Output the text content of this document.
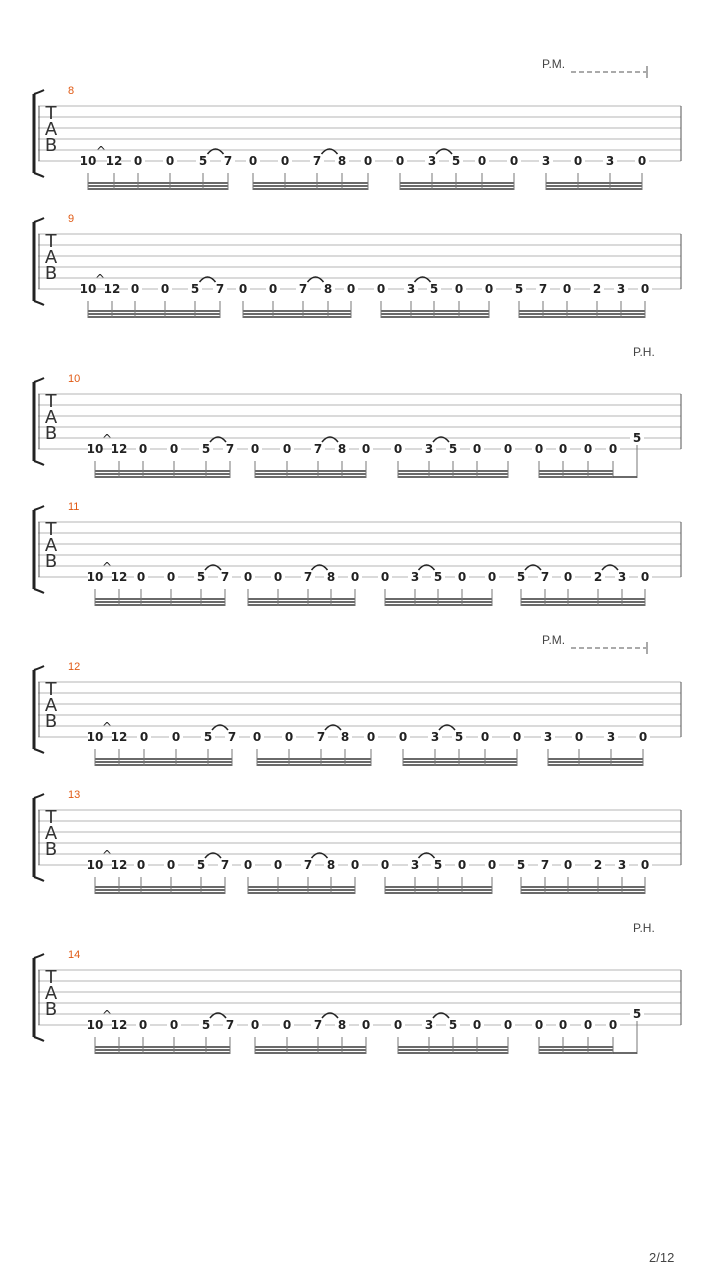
P.M.
8
T
A
B
10 12 0 0 5 7 0 0 7 8 0 0 3 5 0 0 3 0 3 0
^
9
T
A
B
10 12 0 0 5 7 0 0 7 8 0 0 3 5 0 0 5 7 0 2 3 0
^
P.H.
10
T
A
B
10 12 0 0 5 7 0 0 7 8 0 0 3 5 0 0 0 0 0 0
5
^
11
T
A
B
10 12 0 0 5 7 0 0 7 8 0 0 3 5 0 0 5 7 0 2 3 0
^
P.M.
12
T
A
B
10 12 0 0 5 7 0 0 7 8 0 0 3 5 0 0 3 0 3 0
^
13
T
A
B
10 12 0 0 5 7 0 0 7 8 0 0 3 5 0 0 5 7 0 2 3 0
^
P.H.
14
T
A
B
10 12 0 0 5 7 0 0 7 8 0 0 3 5 0 0 0 0 0 0
5
^
2/12
